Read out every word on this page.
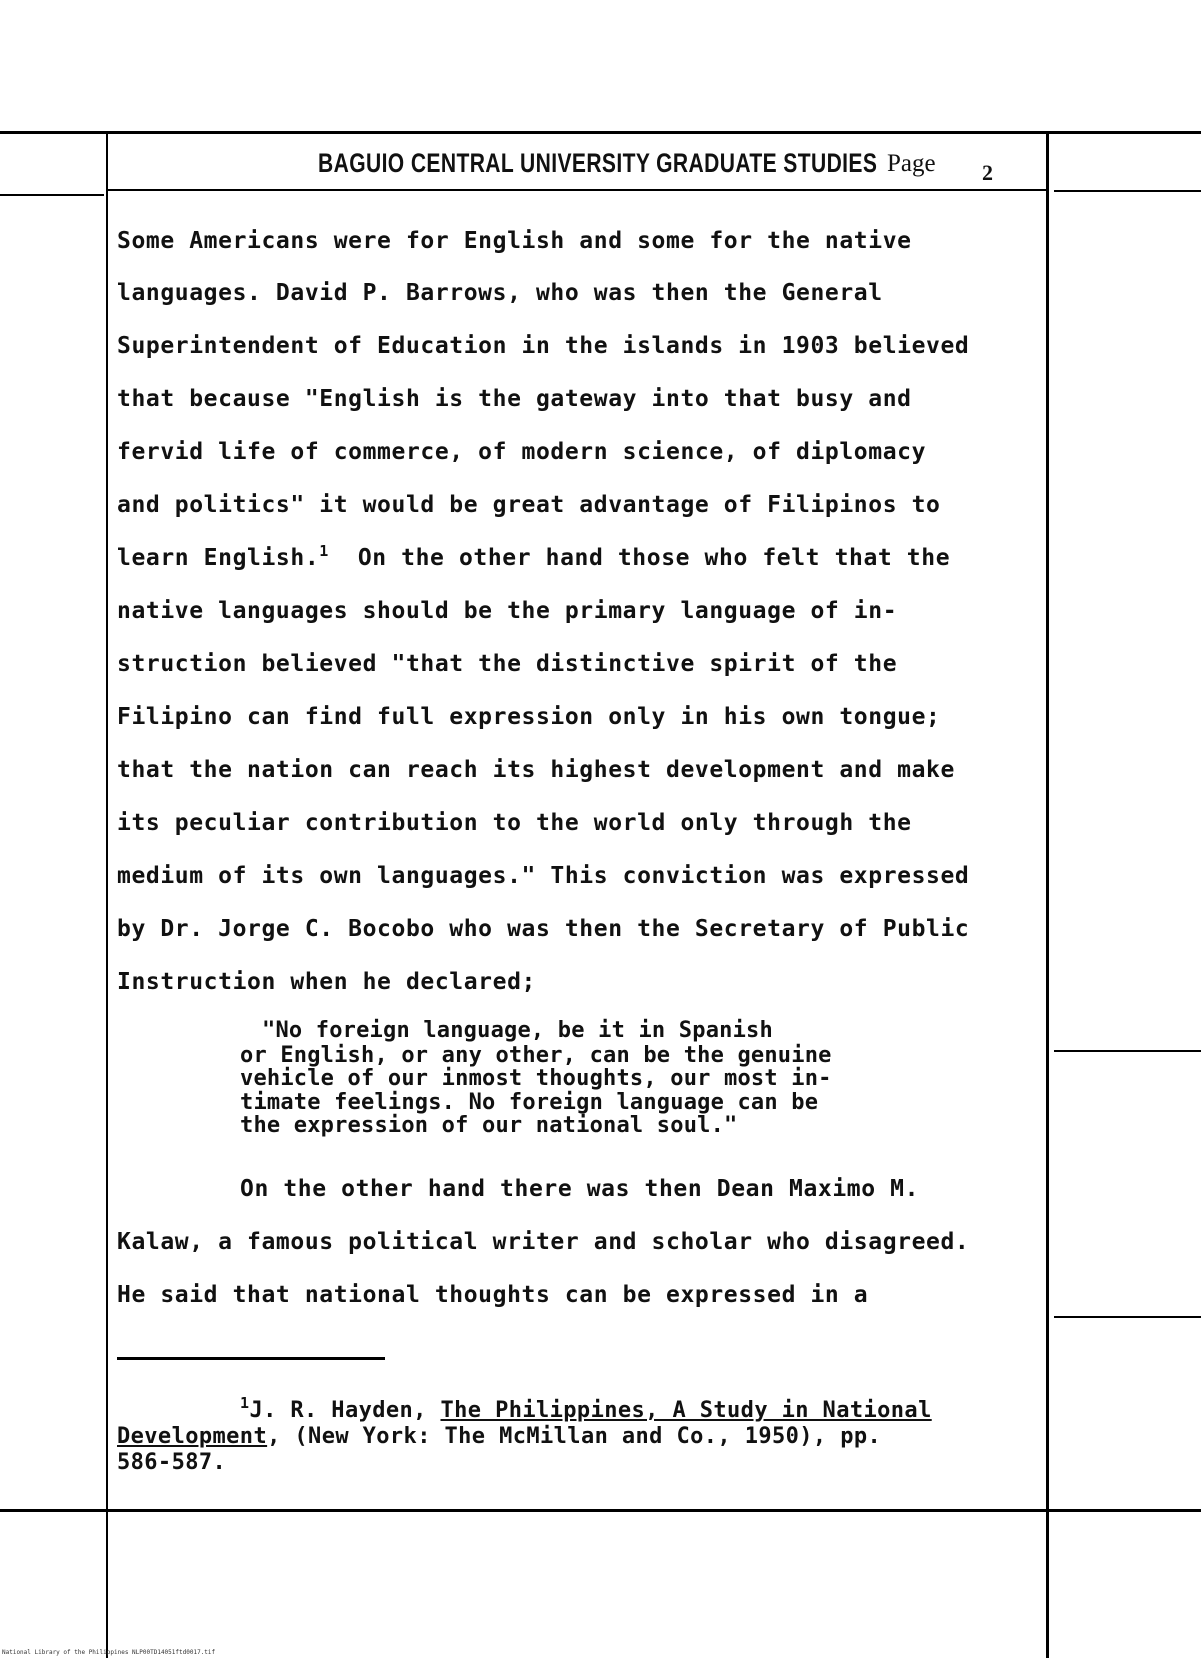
BAGUIO CENTRAL UNIVERSITY GRADUATE STUDIES Page 2
Some Americans were for English and some for the native
languages. David P. Barrows, who was then the General
Superintendent of Education in the islands in 1903 believed
that because "English is the gateway into that busy and
fervid life of commerce, of modern science, of diplomacy
and politics" it would be great advantage of Filipinos to
learn English.$^1$ On the other hand those who felt that the
native languages should be the primary language of in-
struction believed "that the distinctive spirit of the
Filipino can find full expression only in his own tongue;
that the nation can reach its highest development and make
its peculiar contribution to the world only through the
medium of its own languages." This conviction was expressed
by Dr. Jorge C. Bocobo who was then the Secretary of Public
Instruction when he declared;
"No foreign language, be it in Spanish
or English, or any other, can be the genuine
vehicle of our inmost thoughts, our most in-
timate feelings. No foreign language can be
the expression of our national soul."
On the other hand there was then Dean Maximo M.
Kalaw, a famous political writer and scholar who disagreed.
He said that national thoughts can be expressed in a
$^1$J. R. Hayden, The Philippines, A Study in National
Development, (New York: The McMillan and Co., 1950), pp.
586-587.
National Library of the Philippines NLP00TD14051ftd0017.tif
